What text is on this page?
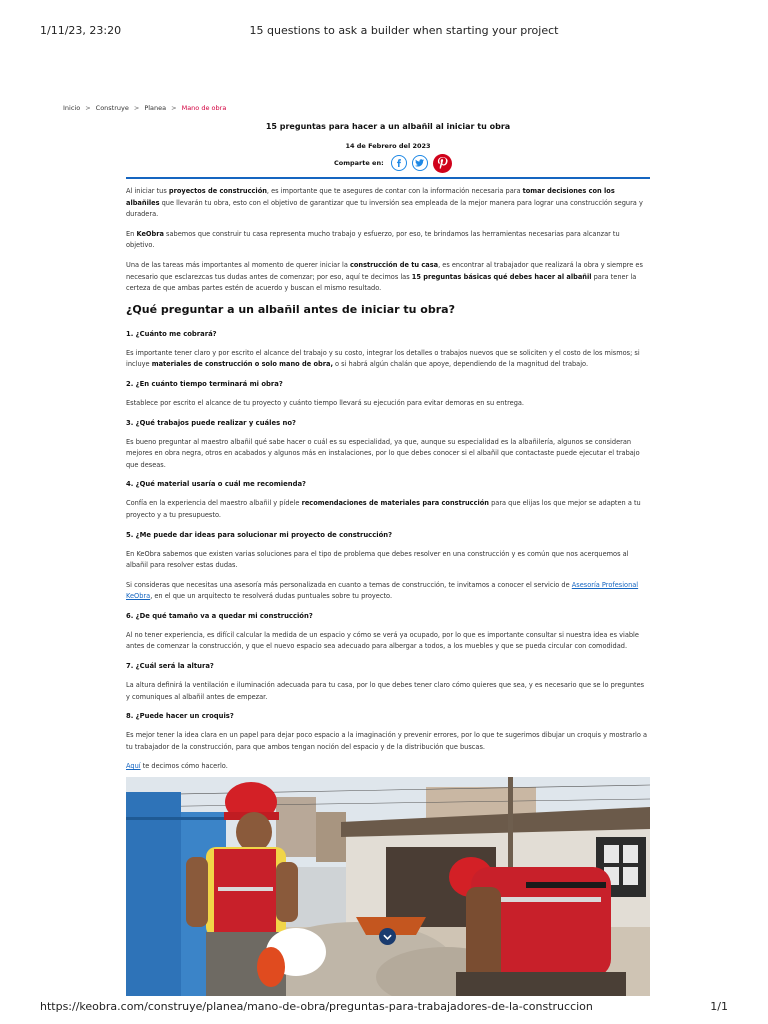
1/11/23, 23:20	15 questions to ask a builder when starting your project
Inicio > Construye > Planea > Mano de obra
15 preguntas para hacer a un albañil al iniciar tu obra
14 de Febrero del 2023
Comparte en:

Al iniciar tus proyectos de construcción, es importante que te asegures de contar con la información necesaria para tomar decisiones con los albañiles que llevarán tu obra, esto con el objetivo de garantizar que tu inversión sea empleada de la mejor manera para lograr una construcción segura y duradera.

En KeObra sabemos que construir tu casa representa mucho trabajo y esfuerzo, por eso, te brindamos las herramientas necesarias para alcanzar tu objetivo.

Una de las tareas más importantes al momento de querer iniciar la construcción de tu casa, es encontrar al trabajador que realizará la obra y siempre es necesario que esclarezcas tus dudas antes de comenzar; por eso, aquí te decimos las 15 preguntas básicas qué debes hacer al albañil para tener la certeza de que ambas partes estén de acuerdo y buscan el mismo resultado.

¿Qué preguntar a un albañil antes de iniciar tu obra?
1. ¿Cuánto me cobrará?

Es importante tener claro y por escrito el alcance del trabajo y su costo, integrar los detalles o trabajos nuevos que se soliciten y el costo de los mismos; si incluye materiales de construcción o solo mano de obra, o si habrá algún chalán que apoye, dependiendo de la magnitud del trabajo.

2. ¿En cuánto tiempo terminará mi obra?

Establece por escrito el alcance de tu proyecto y cuánto tiempo llevará su ejecución para evitar demoras en su entrega.

3. ¿Qué trabajos puede realizar y cuáles no?

Es bueno preguntar al maestro albañil qué sabe hacer o cuál es su especialidad, ya que, aunque su especialidad es la albañilería, algunos se consideran mejores en obra negra, otros en acabados y algunos más en instalaciones, por lo que debes conocer si el albañil que contactaste puede ejecutar el trabajo que deseas.

4. ¿Qué material usaría o cuál me recomienda?

Confía en la experiencia del maestro albañil y pídele recomendaciones de materiales para construcción para que elijas los que mejor se adapten a tu proyecto y a tu presupuesto.

5. ¿Me puede dar ideas para solucionar mi proyecto de construcción?

En KeObra sabemos que existen varias soluciones para el tipo de problema que debes resolver en una construcción y es común que nos acerquemos al albañil para resolver estas dudas.

Si consideras que necesitas una asesoría más personalizada en cuanto a temas de construcción, te invitamos a conocer el servicio de Asesoría Profesional KeObra, en el que un arquitecto te resolverá dudas puntuales sobre tu proyecto.

6. ¿De qué tamaño va a quedar mi construcción?

Al no tener experiencia, es difícil calcular la medida de un espacio y cómo se verá ya ocupado, por lo que es importante consultar si nuestra idea es viable antes de comenzar la construcción, y que el nuevo espacio sea adecuado para albergar a todos, a los muebles y que se pueda circular con comodidad.

7. ¿Cuál será la altura?

La altura definirá la ventilación e iluminación adecuada para tu casa, por lo que debes tener claro cómo quieres que sea, y es necesario que se lo preguntes y comuniques al albañil antes de empezar.

8. ¿Puede hacer un croquis?

Es mejor tener la idea clara en un papel para dejar poco espacio a la imaginación y prevenir errores, por lo que te sugerimos dibujar un croquis y mostrarlo a tu trabajador de la construcción, para que ambos tengan noción del espacio y de la distribución que buscas.

Aquí te decimos cómo hacerlo.

https://keobra.com/construye/planea/mano-de-obra/preguntas-para-trabajadores-de-la-construccion	1/1
